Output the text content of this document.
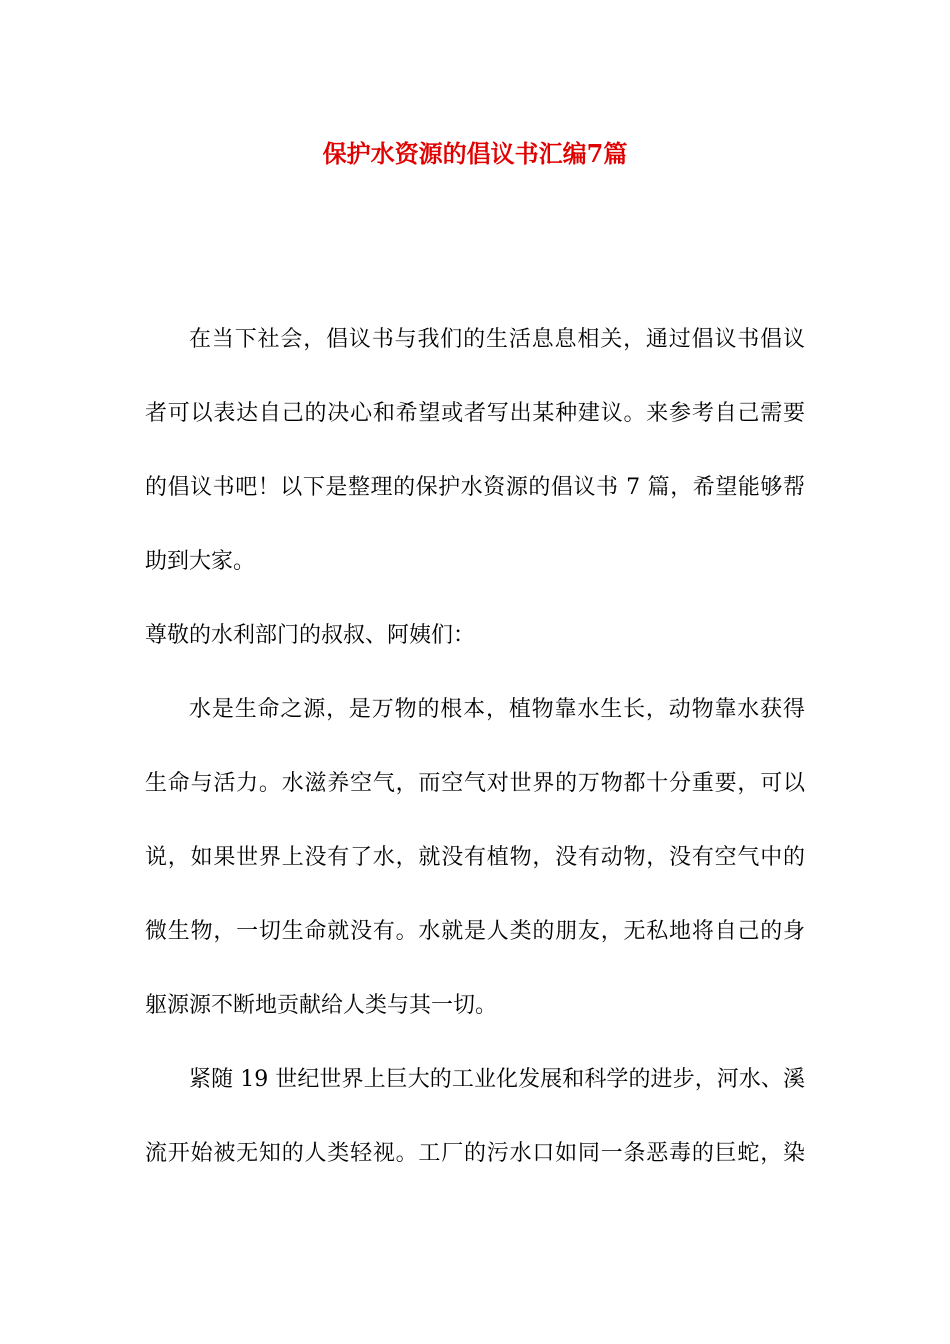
保护水资源的倡议书汇编7篇
在当下社会，倡议书与我们的生活息息相关，通过倡议书倡议
者可以表达自己的决心和希望或者写出某种建议。来参考自己需要
的倡议书吧！以下是整理的保护水资源的倡议书 7 篇，希望能够帮
助到大家。
尊敬的水利部门的叔叔、阿姨们：
水是生命之源，是万物的根本，植物靠水生长，动物靠水获得
生命与活力。水滋养空气，而空气对世界的万物都十分重要，可以
说，如果世界上没有了水，就没有植物，没有动物，没有空气中的
微生物，一切生命就没有。水就是人类的朋友，无私地将自己的身
躯源源不断地贡献给人类与其一切。
紧随 19 世纪世界上巨大的工业化发展和科学的进步，河水、溪
流开始被无知的人类轻视。工厂的污水口如同一条恶毒的巨蛇，染
